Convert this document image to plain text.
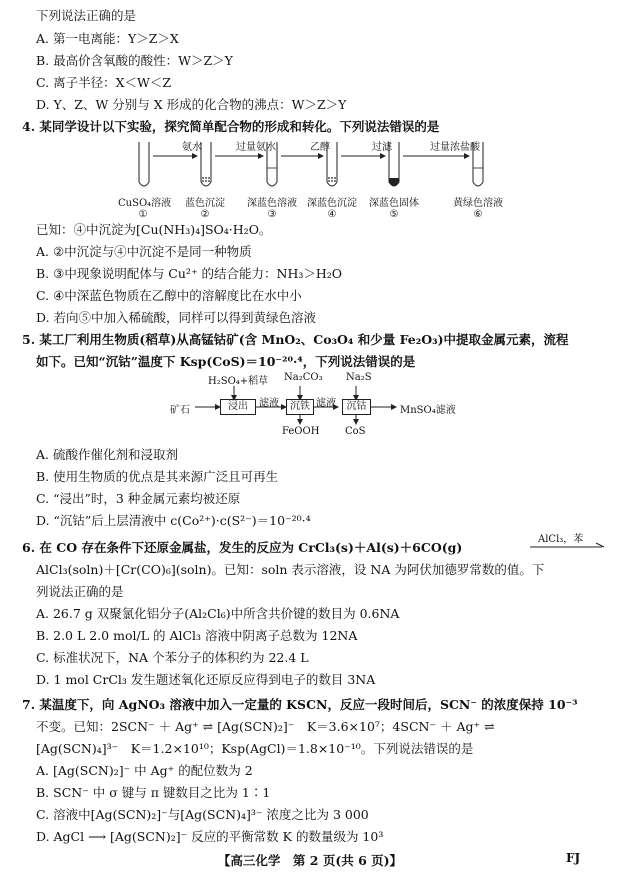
下列说法正确的是
A. 第一电离能：Y＞Z＞X
B. 最高价含氧酸的酸性：W＞Z＞Y
C. 离子半径：X＜W＜Z
D. Y、Z、W 分别与 X 形成的化合物的沸点：W＞Z＞Y
4. 某同学设计以下实验，探究简单配合物的形成和转化。下列说法错误的是
氨水	过量氨水	乙醇	过滤	过量浓盐酸
CuSO₄溶液
①
蓝色沉淀
②
深蓝色溶液
③
深蓝色沉淀
④
深蓝色固体
⑤
黄绿色溶液
⑥
已知：④中沉淀为[Cu(NH₃)₄]SO₄·H₂O。
A. ②中沉淀与④中沉淀不是同一种物质
B. ③中现象说明配体与 Cu²⁺ 的结合能力：NH₃＞H₂O
C. ④中深蓝色物质在乙醇中的溶解度比在水中小
D. 若向⑤中加入稀硫酸，同样可以得到黄绿色溶液
5. 某工厂利用生物质(稻草)从高锰钴矿(含 MnO₂、Co₃O₄ 和少量 Fe₂O₃)中提取金属元素，流程
如下。已知“沉钴”温度下 Ksp(CoS)＝10⁻²⁰·⁴，下列说法错误的是
矿石
H₂SO₄+稻草
浸出	滤液
Na₂CO₃
沉铁 滤液
Na₂S
沉钴	MnSO₄滤液
FeOOH	CoS
A. 硫酸作催化剂和浸取剂
B. 使用生物质的优点是其来源广泛且可再生
C. “浸出”时，3 种金属元素均被还原
D. “沉钴”后上层清液中 c(Co²⁺)·c(S²⁻)＝10⁻²⁰·⁴
6. 在 CO 存在条件下还原金属盐，发生的反应为 CrCl₃(s)＋Al(s)＋6CO(g)
AlCl₃，苯
AlCl₃(soln)＋[Cr(CO)₆](soln)。已知：soln 表示溶液，设 NA 为阿伏加德罗常数的值。下
列说法正确的是
A. 26.7 g 双聚氯化铝分子(Al₂Cl₆)中所含共价键的数目为 0.6NA
B. 2.0 L 2.0 mol/L 的 AlCl₃ 溶液中阴离子总数为 12NA
C. 标准状况下，NA 个苯分子的体积约为 22.4 L
D. 1 mol CrCl₃ 发生题述氧化还原反应得到电子的数目 3NA
7. 某温度下，向 AgNO₃ 溶液中加入一定量的 KSCN，反应一段时间后，SCN⁻ 的浓度保持 10⁻³
不变。已知：2SCN⁻ ＋ Ag⁺ ⇌ [Ag(SCN)₂]⁻　K＝3.6×10⁷；4SCN⁻ ＋ Ag⁺ ⇌
[Ag(SCN)₄]³⁻　K＝1.2×10¹⁰；Ksp(AgCl)＝1.8×10⁻¹⁰。下列说法错误的是
A. [Ag(SCN)₂]⁻ 中 Ag⁺ 的配位数为 2
B. SCN⁻ 中 σ 键与 π 键数目之比为 1∶1
C. 溶液中[Ag(SCN)₂]⁻与[Ag(SCN)₄]³⁻ 浓度之比为 3 000
D. AgCl ⟶ [Ag(SCN)₂]⁻ 反应的平衡常数 K 的数量级为 10³
【高三化学　第 2 页(共 6 页)】	FJ
